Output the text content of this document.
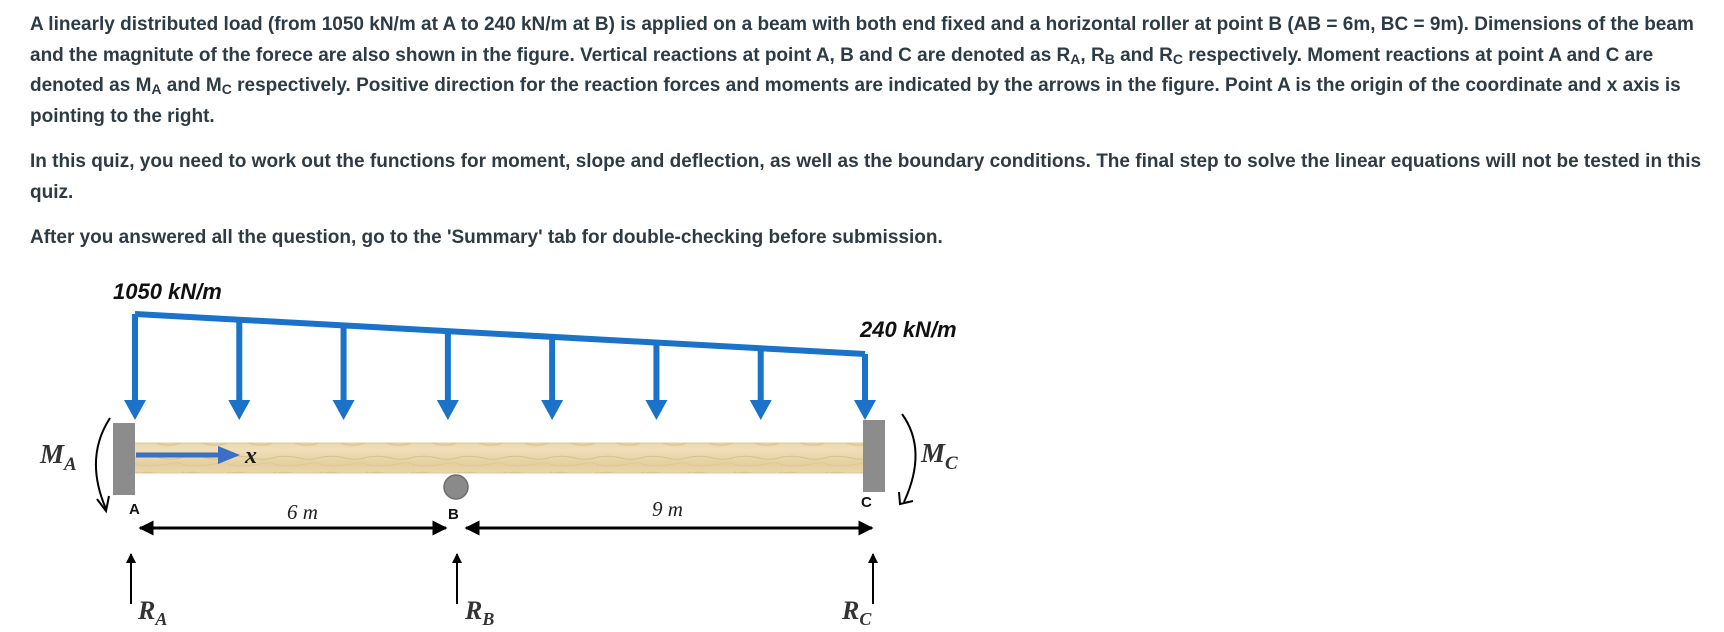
A linearly distributed load (from 1050 kN/m at A to 240 kN/m at B) is applied on a beam with both end fixed and a horizontal roller at point B (AB = 6m, BC = 9m). Dimensions of the beam and the magnitute of the forece are also shown in the figure. Vertical reactions at point A, B and C are denoted as $R_A$, $R_B$ and $R_C$ respectively. Moment reactions at point A and C are denoted as $M_A$ and $M_C$ respectively. Positive direction for the reaction forces and moments are indicated by the arrows in the figure. Point A is the origin of the coordinate and x axis is pointing to the right.

In this quiz, you need to work out the functions for moment, slope and deflection, as well as the boundary conditions. The final step to solve the linear equations will not be tested in this quiz.

After you answered all the question, go to the 'Summary' tab for double-checking before submission.

x
1050 kN/m
240 kN/m
MA	MC
A	B
C
6 m	9 m
RA	RB	RC
